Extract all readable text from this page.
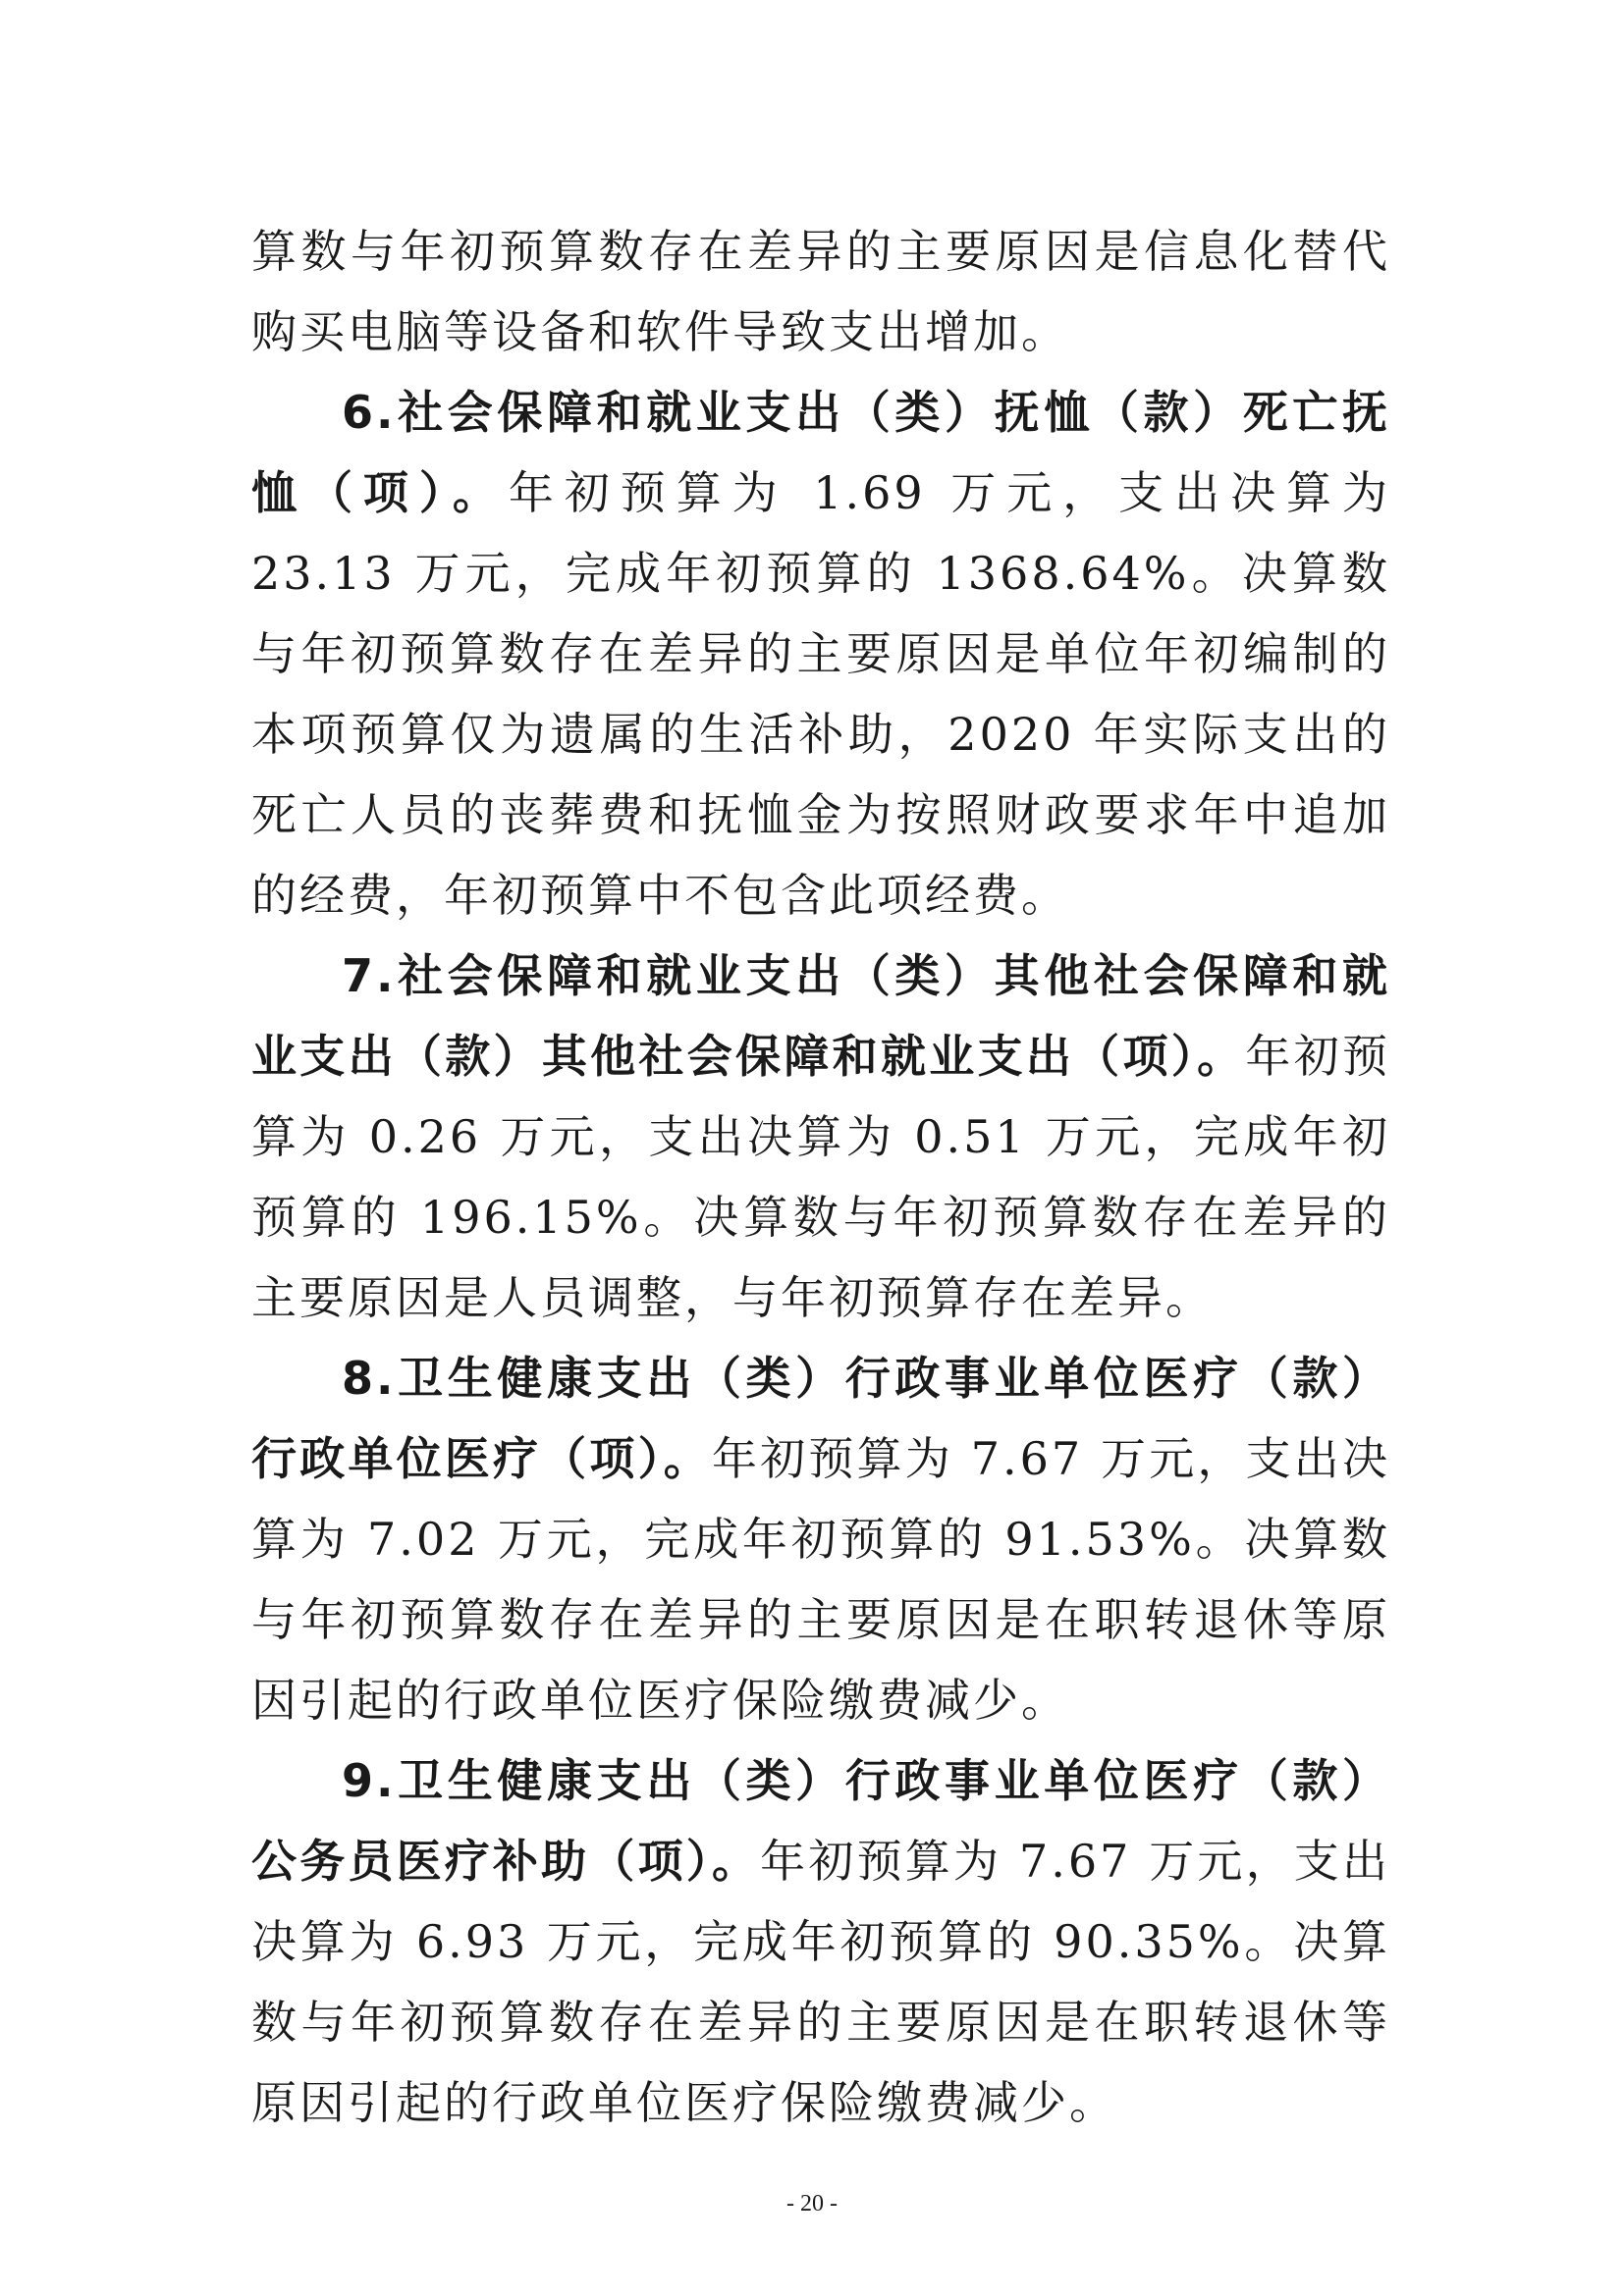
算数与年初预算数存在差异的主要原因是信息化替代购买电脑等设备和软件导致支出增加。

6.社会保障和就业支出（类）抚恤（款）死亡抚恤（项）。年初预算为 1.69 万元，支出决算为 23.13 万元，完成年初预算的 1368.64%。决算数与年初预算数存在差异的主要原因是单位年初编制的本项预算仅为遗属的生活补助，2020 年实际支出的死亡人员的丧葬费和抚恤金为按照财政要求年中追加的经费，年初预算中不包含此项经费。

7.社会保障和就业支出（类）其他社会保障和就业支出（款）其他社会保障和就业支出（项）。年初预算为 0.26 万元，支出决算为 0.51 万元，完成年初预算的 196.15%。决算数与年初预算数存在差异的主要原因是人员调整，与年初预算存在差异。

8.卫生健康支出（类）行政事业单位医疗（款）行政单位医疗（项）。年初预算为 7.67 万元，支出决算为 7.02 万元，完成年初预算的 91.53%。决算数与年初预算数存在差异的主要原因是在职转退休等原因引起的行政单位医疗保险缴费减少。

9.卫生健康支出（类）行政事业单位医疗（款）公务员医疗补助（项）。年初预算为 7.67 万元，支出决算为 6.93 万元，完成年初预算的 90.35%。决算数与年初预算数存在差异的主要原因是在职转退休等原因引起的行政单位医疗保险缴费减少。

- 20 -
